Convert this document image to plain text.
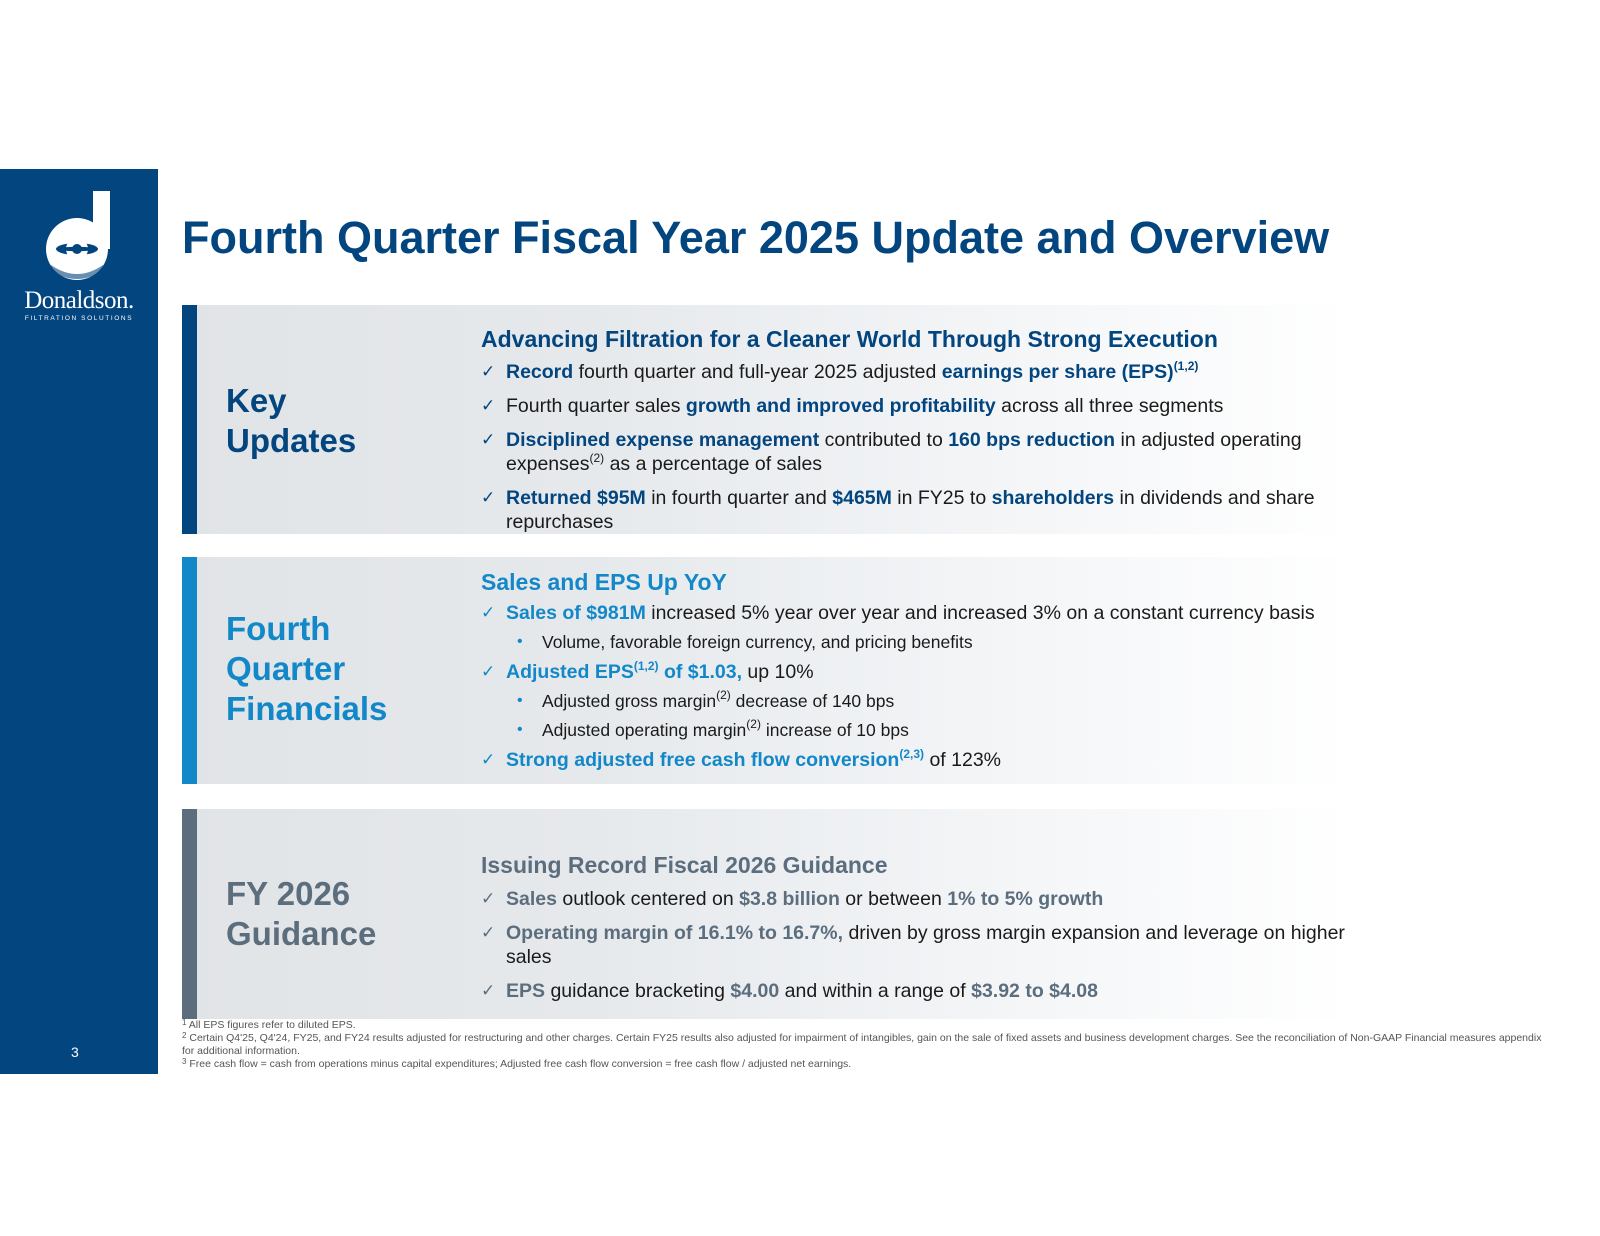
Donaldson.
FILTRATION SOLUTIONS
3
Fourth Quarter Fiscal Year 2025 Update and Overview
Key
Updates
Advancing Filtration for a Cleaner World Through Strong Execution
✓ Record fourth quarter and full-year 2025 adjusted earnings per share (EPS)$^{(1,2)}$
✓ Fourth quarter sales growth and improved profitability across all three segments
✓ Disciplined expense management contributed to 160 bps reduction in adjusted operating expenses$^{(2)}$ as a percentage of sales
✓ Returned $95M in fourth quarter and $465M in FY25 to shareholders in dividends and share repurchases
Fourth
Quarter
Financials
Sales and EPS Up YoY
✓ Sales of $981M increased 5% year over year and increased 3% on a constant currency basis
• Volume, favorable foreign currency, and pricing benefits
✓ Adjusted EPS$^{(1,2)}$ of $1.03, up 10%
• Adjusted gross margin$^{(2)}$ decrease of 140 bps
• Adjusted operating margin$^{(2)}$ increase of 10 bps
✓ Strong adjusted free cash flow conversion$^{(2,3)}$ of 123%
FY 2026
Guidance
Issuing Record Fiscal 2026 Guidance
✓ Sales outlook centered on $3.8 billion or between 1% to 5% growth
✓ Operating margin of 16.1% to 16.7%, driven by gross margin expansion and leverage on higher sales
✓ EPS guidance bracketing $4.00 and within a range of $3.92 to $4.08
$^1$ All EPS figures refer to diluted EPS.
$^2$ Certain Q4'25, Q4'24, FY25, and FY24 results adjusted for restructuring and other charges. Certain FY25 results also adjusted for impairment of intangibles, gain on the sale of fixed assets and business development charges. See the reconciliation of Non-GAAP Financial measures appendix for additional information.
$^3$ Free cash flow = cash from operations minus capital expenditures; Adjusted free cash flow conversion = free cash flow / adjusted net earnings.
